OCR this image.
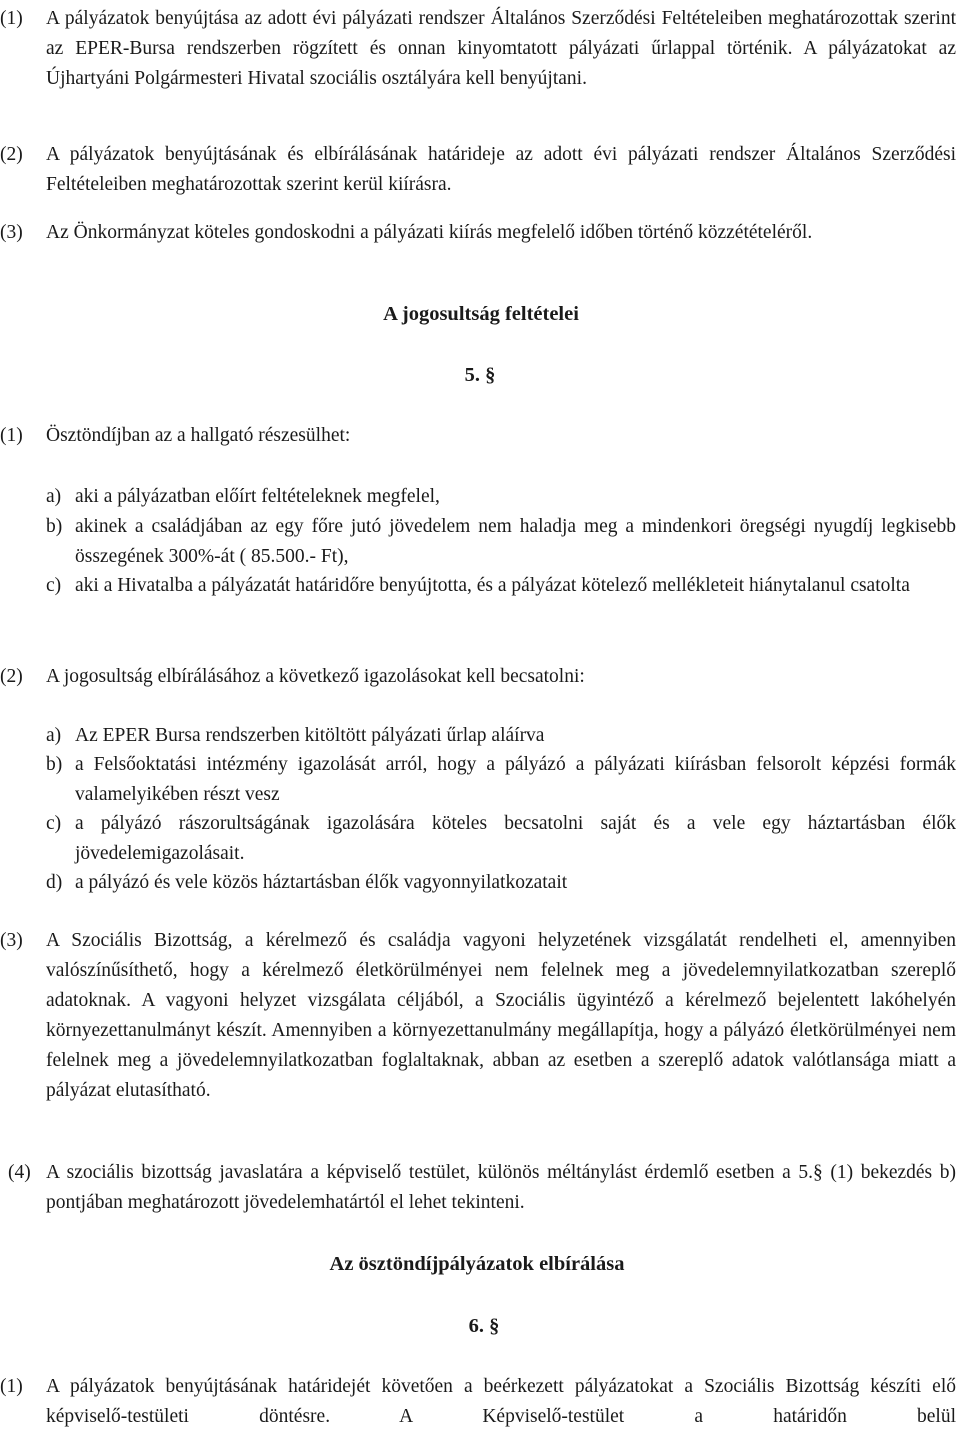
(1) A pályázatok benyújtása az adott évi pályázati rendszer Általános Szerződési Feltételeiben meghatározottak szerint az EPER-Bursa rendszerben rögzített és onnan kinyomtatott pályázati űrlappal történik. A pályázatokat az Újhartyáni Polgármesteri Hivatal szociális osztályára kell benyújtani.
(2) A pályázatok benyújtásának és elbírálásának határideje az adott évi pályázati rendszer Általános Szerződési Feltételeiben meghatározottak szerint kerül kiírásra.
(3) Az Önkormányzat köteles gondoskodni a pályázati kiírás megfelelő időben történő közzétételéről.
A jogosultság feltételei
5. §
(1) Ösztöndíjban az a hallgató részesülhet:
a) aki a pályázatban előírt feltételeknek megfelel,
b) akinek a családjában az egy főre jutó jövedelem nem haladja meg a mindenkori öregségi nyugdíj legkisebb összegének 300%-át ( 85.500.- Ft),
c) aki a Hivatalba a pályázatát határidőre benyújtotta, és a pályázat kötelező mellékleteit hiánytalanul csatolta
(2) A jogosultság elbírálásához a következő igazolásokat kell becsatolni:
a) Az EPER Bursa rendszerben kitöltött pályázati űrlap aláírva
b) a Felsőoktatási intézmény igazolását arról, hogy a pályázó a pályázati kiírásban felsorolt képzési formák valamelyikében részt vesz
c) a pályázó rászorultságának igazolására köteles becsatolni saját és a vele egy háztartásban élők jövedelemigazolásait.
d) a pályázó és vele közös háztartásban élők vagyonnyilatkozatait
(3) A Szociális Bizottság, a kérelmező és családja vagyoni helyzetének vizsgálatát rendelheti el, amennyiben valószínűsíthető, hogy a kérelmező életkörülményei nem felelnek meg a jövedelemnyilatkozatban szereplő adatoknak. A vagyoni helyzet vizsgálata céljából, a Szociális ügyintéző a kérelmező bejelentett lakóhelyén környezettanulmányt készít. Amennyiben a környezettanulmány megállapítja, hogy a pályázó életkörülményei nem felelnek meg a jövedelemnyilatkozatban foglaltaknak, abban az esetben a szereplő adatok valótlansága miatt a pályázat elutasítható.
(4) A szociális bizottság javaslatára a képviselő testület, különös méltánylást érdemlő esetben a 5.§ (1) bekezdés b) pontjában meghatározott jövedelemhatártól el lehet tekinteni.
Az ösztöndíjpályázatok elbírálása
6. §
(1) A pályázatok benyújtásának határidejét követően a beérkezett pályázatokat a Szociális Bizottság készíti elő képviselő-testületi döntésre. A Képviselő-testület a határidőn belül
